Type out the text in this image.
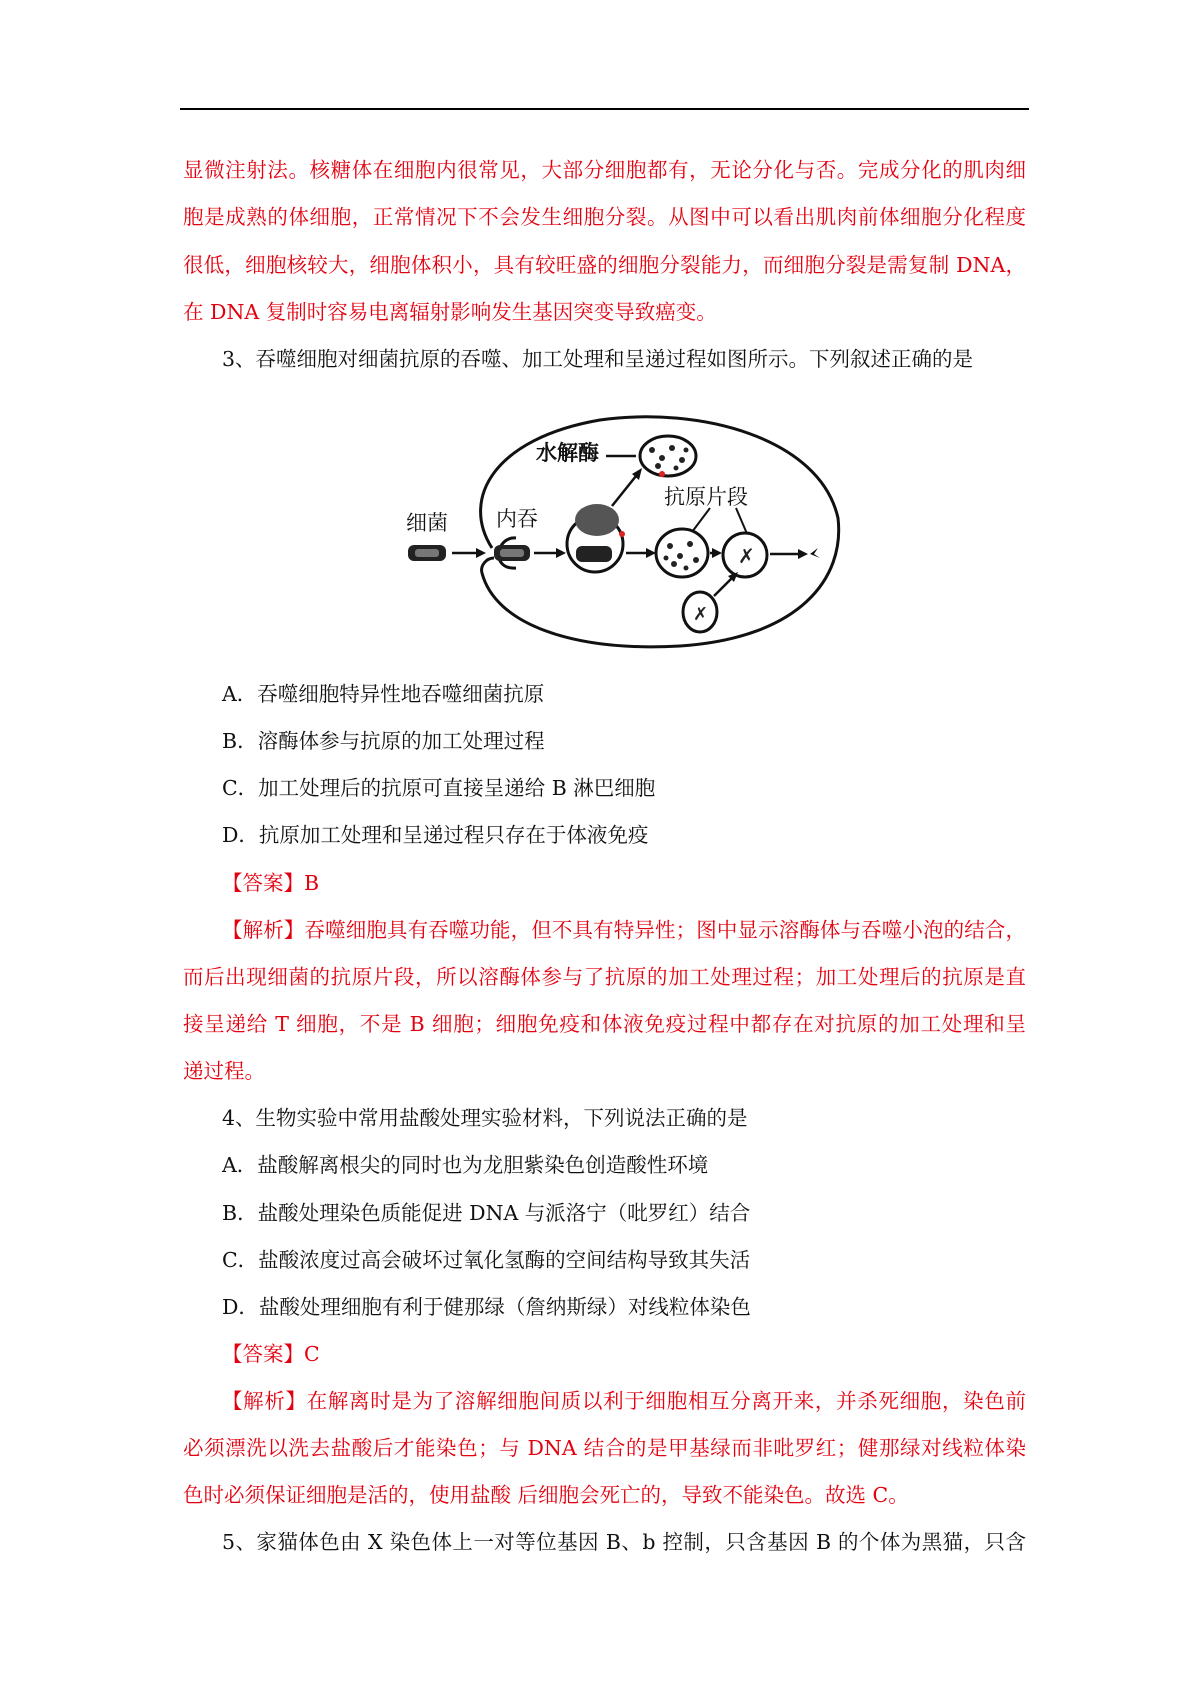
显微注射法。核糖体在细胞内很常见，大部分细胞都有，无论分化与否。完成分化的肌肉细
胞是成熟的体细胞，正常情况下不会发生细胞分裂。从图中可以看出肌肉前体细胞分化程度
很低，细胞核较大，细胞体积小，具有较旺盛的细胞分裂能力，而细胞分裂是需复制 DNA，
在 DNA 复制时容易电离辐射影响发生基因突变导致癌变。
3、吞噬细胞对细菌抗原的吞噬、加工处理和呈递过程如图所示。下列叙述正确的是
✗
✗
细菌 内吞
水解酶
抗原片段
A．吞噬细胞特异性地吞噬细菌抗原
B．溶酶体参与抗原的加工处理过程
C．加工处理后的抗原可直接呈递给 B 淋巴细胞
D．抗原加工处理和呈递过程只存在于体液免疫
【答案】B
【解析】吞噬细胞具有吞噬功能，但不具有特异性；图中显示溶酶体与吞噬小泡的结合，
而后出现细菌的抗原片段，所以溶酶体参与了抗原的加工处理过程；加工处理后的抗原是直
接呈递给 T 细胞，不是 B 细胞；细胞免疫和体液免疫过程中都存在对抗原的加工处理和呈
递过程。
4、生物实验中常用盐酸处理实验材料，下列说法正确的是
A．盐酸解离根尖的同时也为龙胆紫染色创造酸性环境
B．盐酸处理染色质能促进 DNA 与派洛宁（吡罗红）结合
C．盐酸浓度过高会破坏过氧化氢酶的空间结构导致其失活
D．盐酸处理细胞有利于健那绿（詹纳斯绿）对线粒体染色
【答案】C
【解析】在解离时是为了溶解细胞间质以利于细胞相互分离开来，并杀死细胞，染色前
必须漂洗以洗去盐酸后才能染色；与 DNA 结合的是甲基绿而非吡罗红；健那绿对线粒体染
色时必须保证细胞是活的，使用盐酸 后细胞会死亡的，导致不能染色。故选 C。
5、家猫体色由 X 染色体上一对等位基因 B、b 控制，只含基因 B 的个体为黑猫，只含
